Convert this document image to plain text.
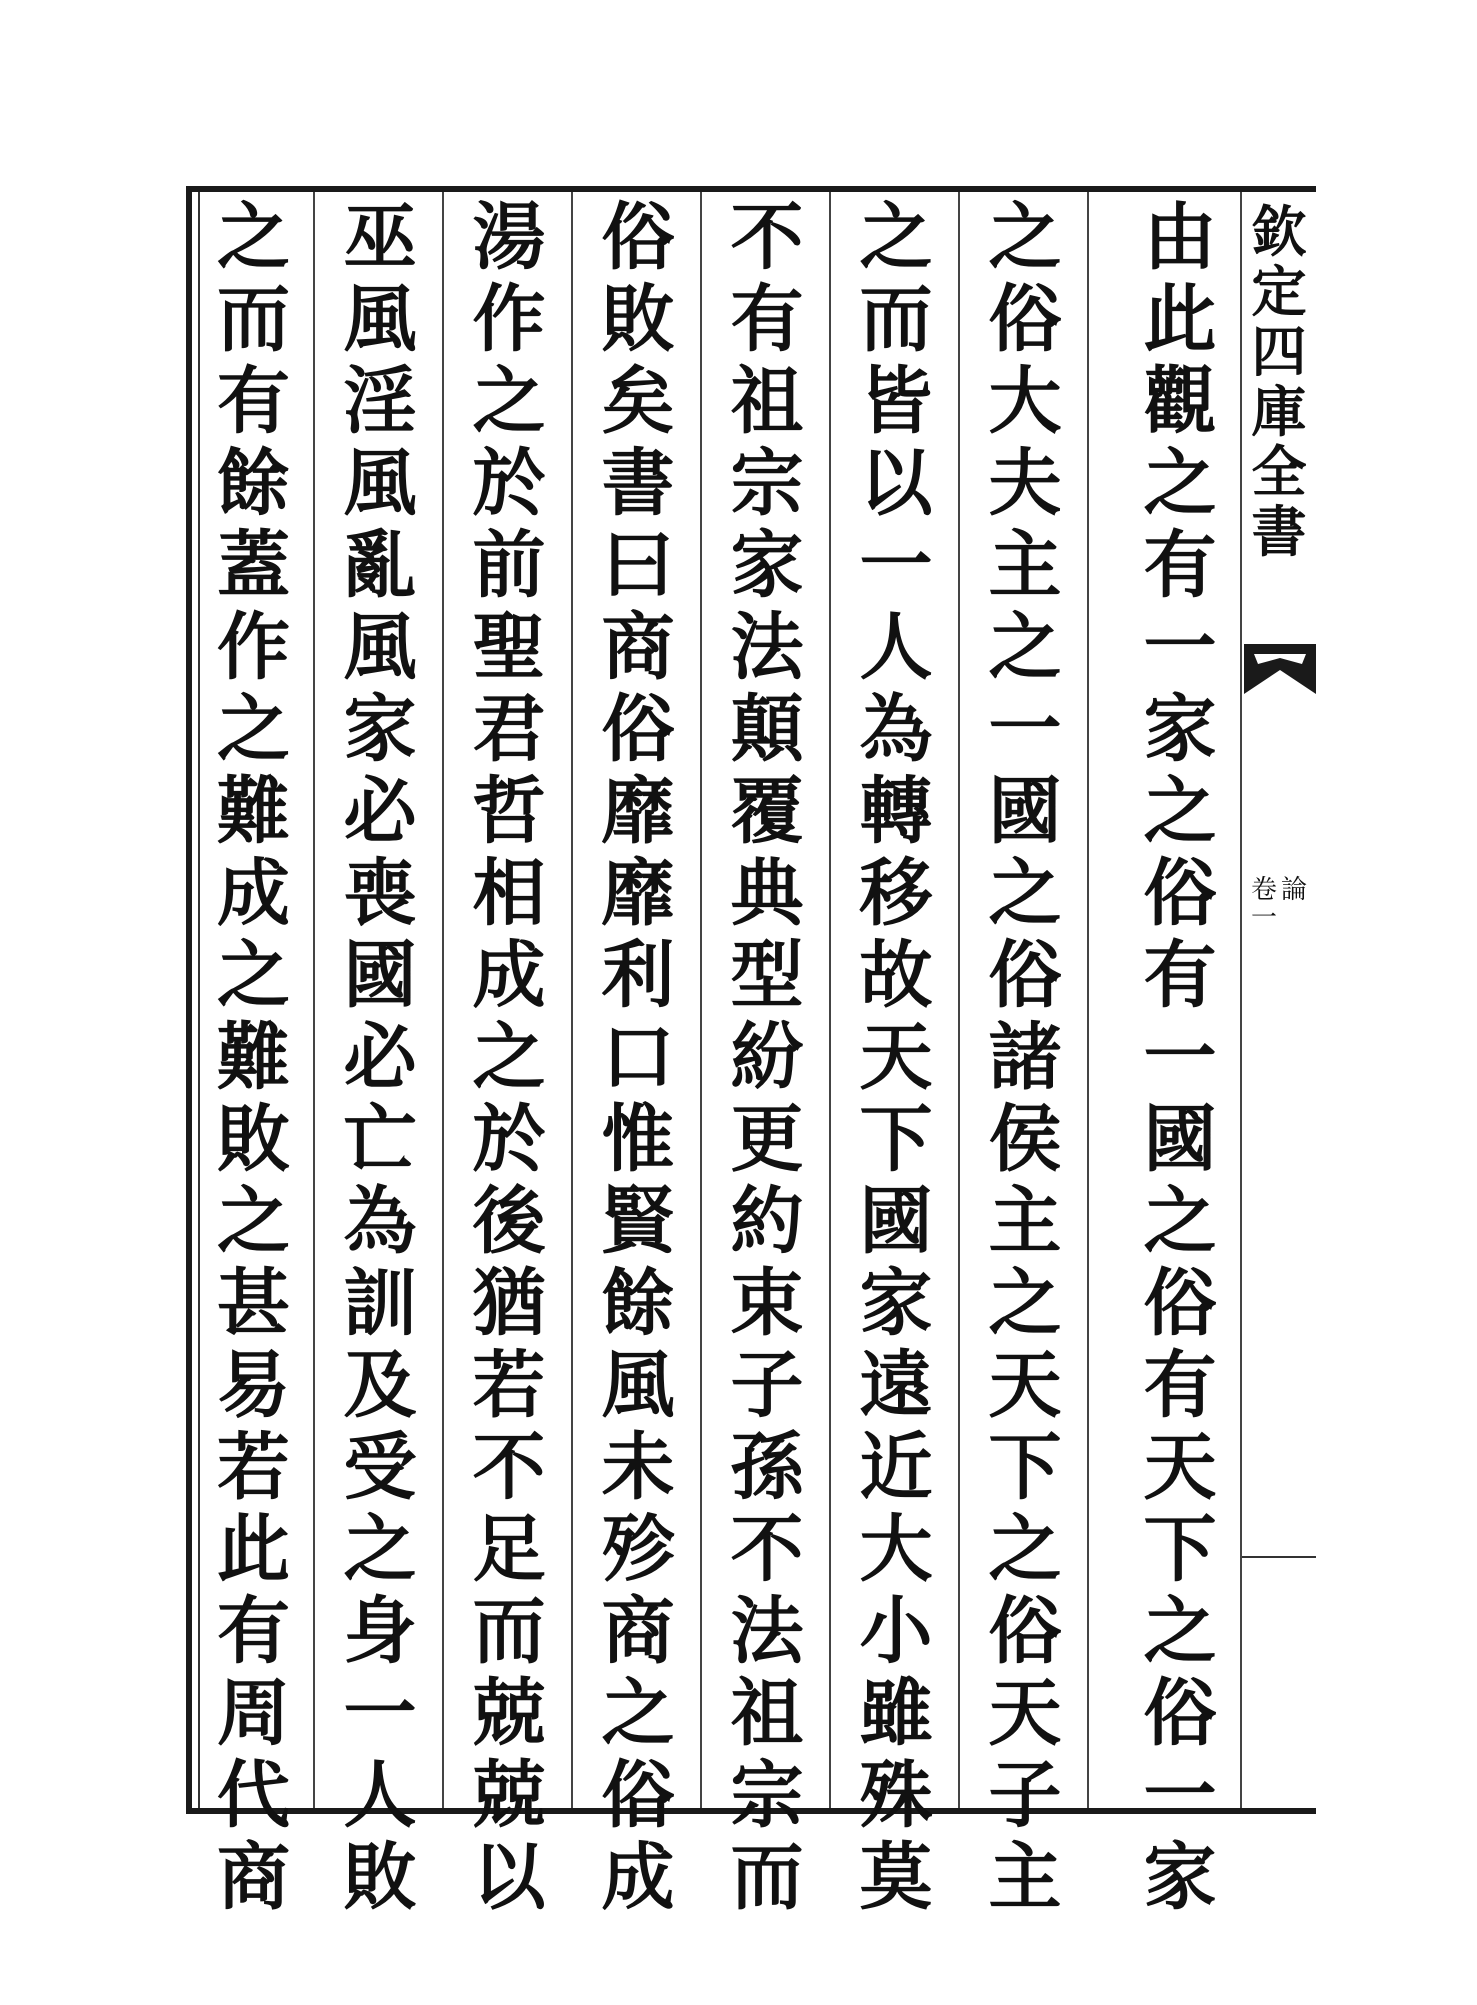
由
此
觀
之
有
一
家
之
俗
有
一
國
之
俗
有
天
下
之
俗
一
家
之
俗
大
夫
主
之
一
國
之
俗
諸
侯
主
之
天
下
之
俗
天
子
主
之
而
皆
以
一
人
為
轉
移
故
天
下
國
家
遠
近
大
小
雖
殊
莫
不
有
祖
宗
家
法
顛
覆
典
型
紛
更
約
束
子
孫
不
法
祖
宗
而
俗
敗
矣
書
曰
商
俗
靡
靡
利
口
惟
賢
餘
風
未
殄
商
之
俗
成
湯
作
之
於
前
聖
君
哲
相
成
之
於
後
猶
若
不
足
而
兢
兢
以
巫
風
淫
風
亂
風
家
必
喪
國
必
亡
為
訓
及
受
之
身
一
人
敗
之
而
有
餘
蓋
作
之
難
成
之
難
敗
之
甚
易
若
此
有
周
代
商
欽
定
四
庫
全
書
論
卷
一
